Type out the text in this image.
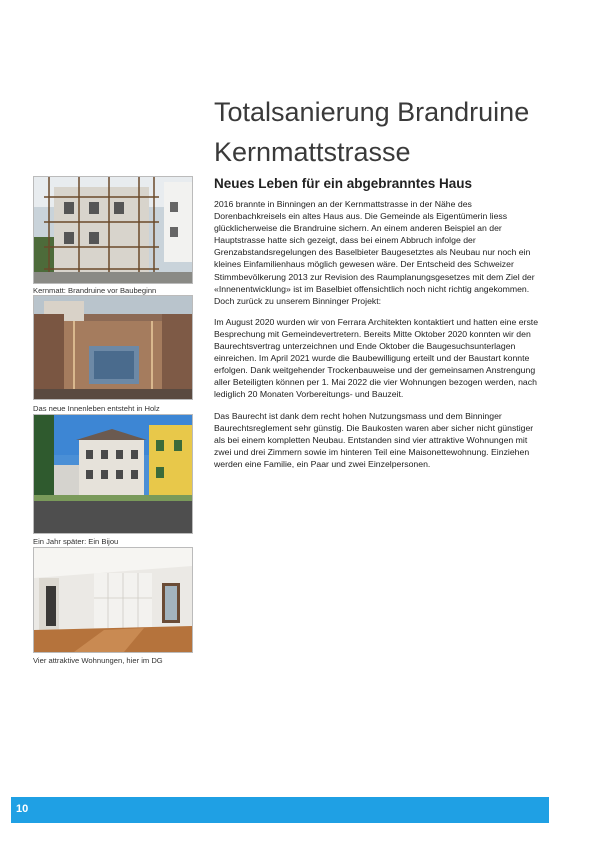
Kernmatt: Brandruine vor Baubeginn
Das neue Innenleben entsteht in Holz
Ein Jahr später: Ein Bijou
Vier attraktive Wohnungen, hier im DG
Totalsanierung Brandruine
Kernmattstrasse
Neues Leben für ein abgebranntes Haus

2016 brannte in Binningen an der Kernmattstrasse in der Nähe des Dorenbachkreisels ein altes Haus aus. Die Gemeinde als Eigentümerin liess glücklicherweise die Brandruine sichern. An einem anderen Beispiel an der Hauptstrasse hatte sich gezeigt, dass bei einem Abbruch infolge der Grenzabstandsregelungen des Baselbieter Baugesetztes als Neubau nur noch ein kleines Einfamilienhaus möglich gewesen wäre. Der Entscheid des Schweizer Stimmbevölkerung 2013 zur Revision des Raumplanungsgesetzes mit dem Ziel der «Innenentwicklung» ist im Baselbiet offensichtlich noch nicht richtig angekommen. Doch zurück zu unserem Binninger Projekt:

Im August 2020 wurden wir von Ferrara Architekten kontaktiert und hatten eine erste Besprechung mit Gemeindevertretern. Bereits Mitte Oktober 2020 konnten wir den Baurechtsvertrag unterzeichnen und Ende Oktober die Baugesuchsunterlagen einreichen. Im April 2021 wurde die Baubewilligung erteilt und der Baustart konnte erfolgen. Dank weitgehender Trockenbauweise und der gemeinsamen Anstrengung aller Beteiligten können per 1. Mai 2022 die vier Wohnungen bezogen werden, nach lediglich 20 Monaten Vorbereitungs- und Bauzeit.

Das Baurecht ist dank dem recht hohen Nutzungsmass und dem Binninger Baurechtsreglement sehr günstig. Die Baukosten waren aber sicher nicht günstiger als bei einem kompletten Neubau. Entstanden sind vier attraktive Wohnungen mit zwei und drei Zimmern sowie im hinteren Teil eine Maisonettewohnung. Einziehen werden eine Familie, ein Paar und zwei Einzelpersonen.

10
